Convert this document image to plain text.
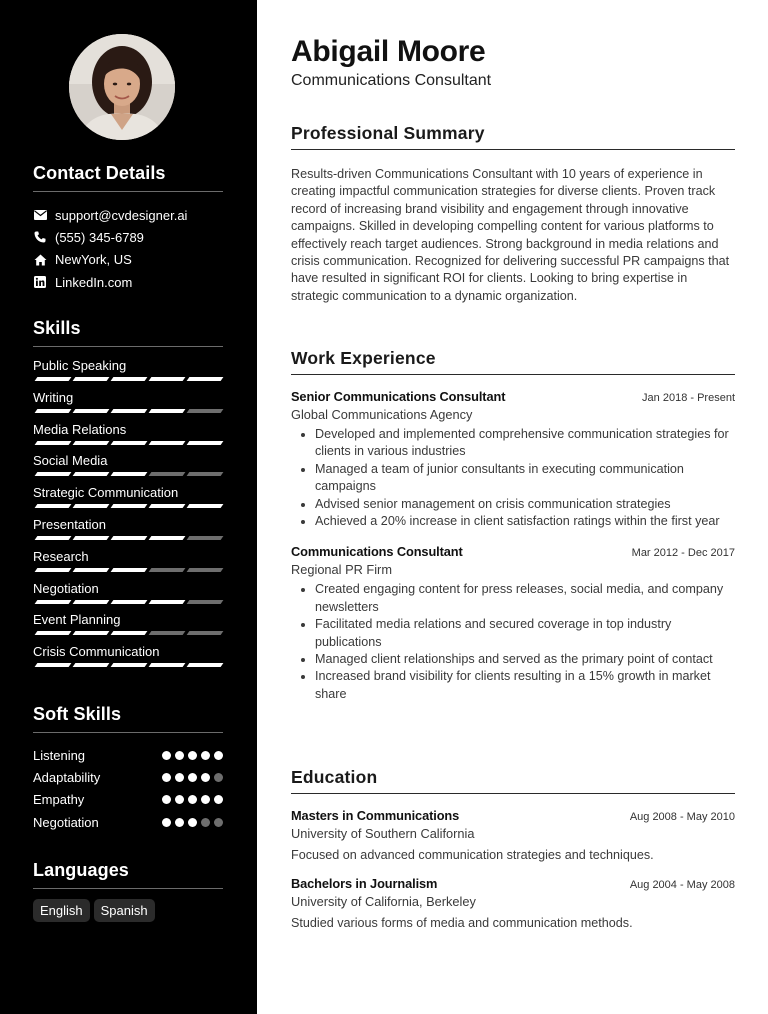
Contact Details
support@cvdesigner.ai
(555) 345-6789
NewYork, US
LinkedIn.com
Skills
Public Speaking
Writing
Media Relations
Social Media
Strategic Communication
Presentation
Research
Negotiation
Event Planning
Crisis Communication
Soft Skills
Listening
Adaptability
Empathy
Negotiation
Languages
English	Spanish
Abigail Moore
Communications Consultant
Professional Summary

Results-driven Communications Consultant with 10 years of experience in creating impactful communication strategies for diverse clients. Proven track record of increasing brand visibility and engagement through innovative campaigns. Skilled in developing compelling content for various platforms to effectively reach target audiences. Strong background in media relations and crisis communication. Recognized for delivering successful PR campaigns that have resulted in significant ROI for clients. Looking to bring expertise in strategic communication to a dynamic organization.

Work Experience
Senior Communications Consultant	Jan 2018 - Present
Global Communications Agency
Developed and implemented comprehensive communication strategies for clients in various industries
Managed a team of junior consultants in executing communication campaigns
Advised senior management on crisis communication strategies
Achieved a 20% increase in client satisfaction ratings within the first year
Communications Consultant	Mar 2012 - Dec 2017
Regional PR Firm
Created engaging content for press releases, social media, and company newsletters
Facilitated media relations and secured coverage in top industry publications
Managed client relationships and served as the primary point of contact
Increased brand visibility for clients resulting in a 15% growth in market share
Education
Masters in Communications	Aug 2008 - May 2010
University of Southern California
Focused on advanced communication strategies and techniques.
Bachelors in Journalism	Aug 2004 - May 2008
University of California, Berkeley
Studied various forms of media and communication methods.
